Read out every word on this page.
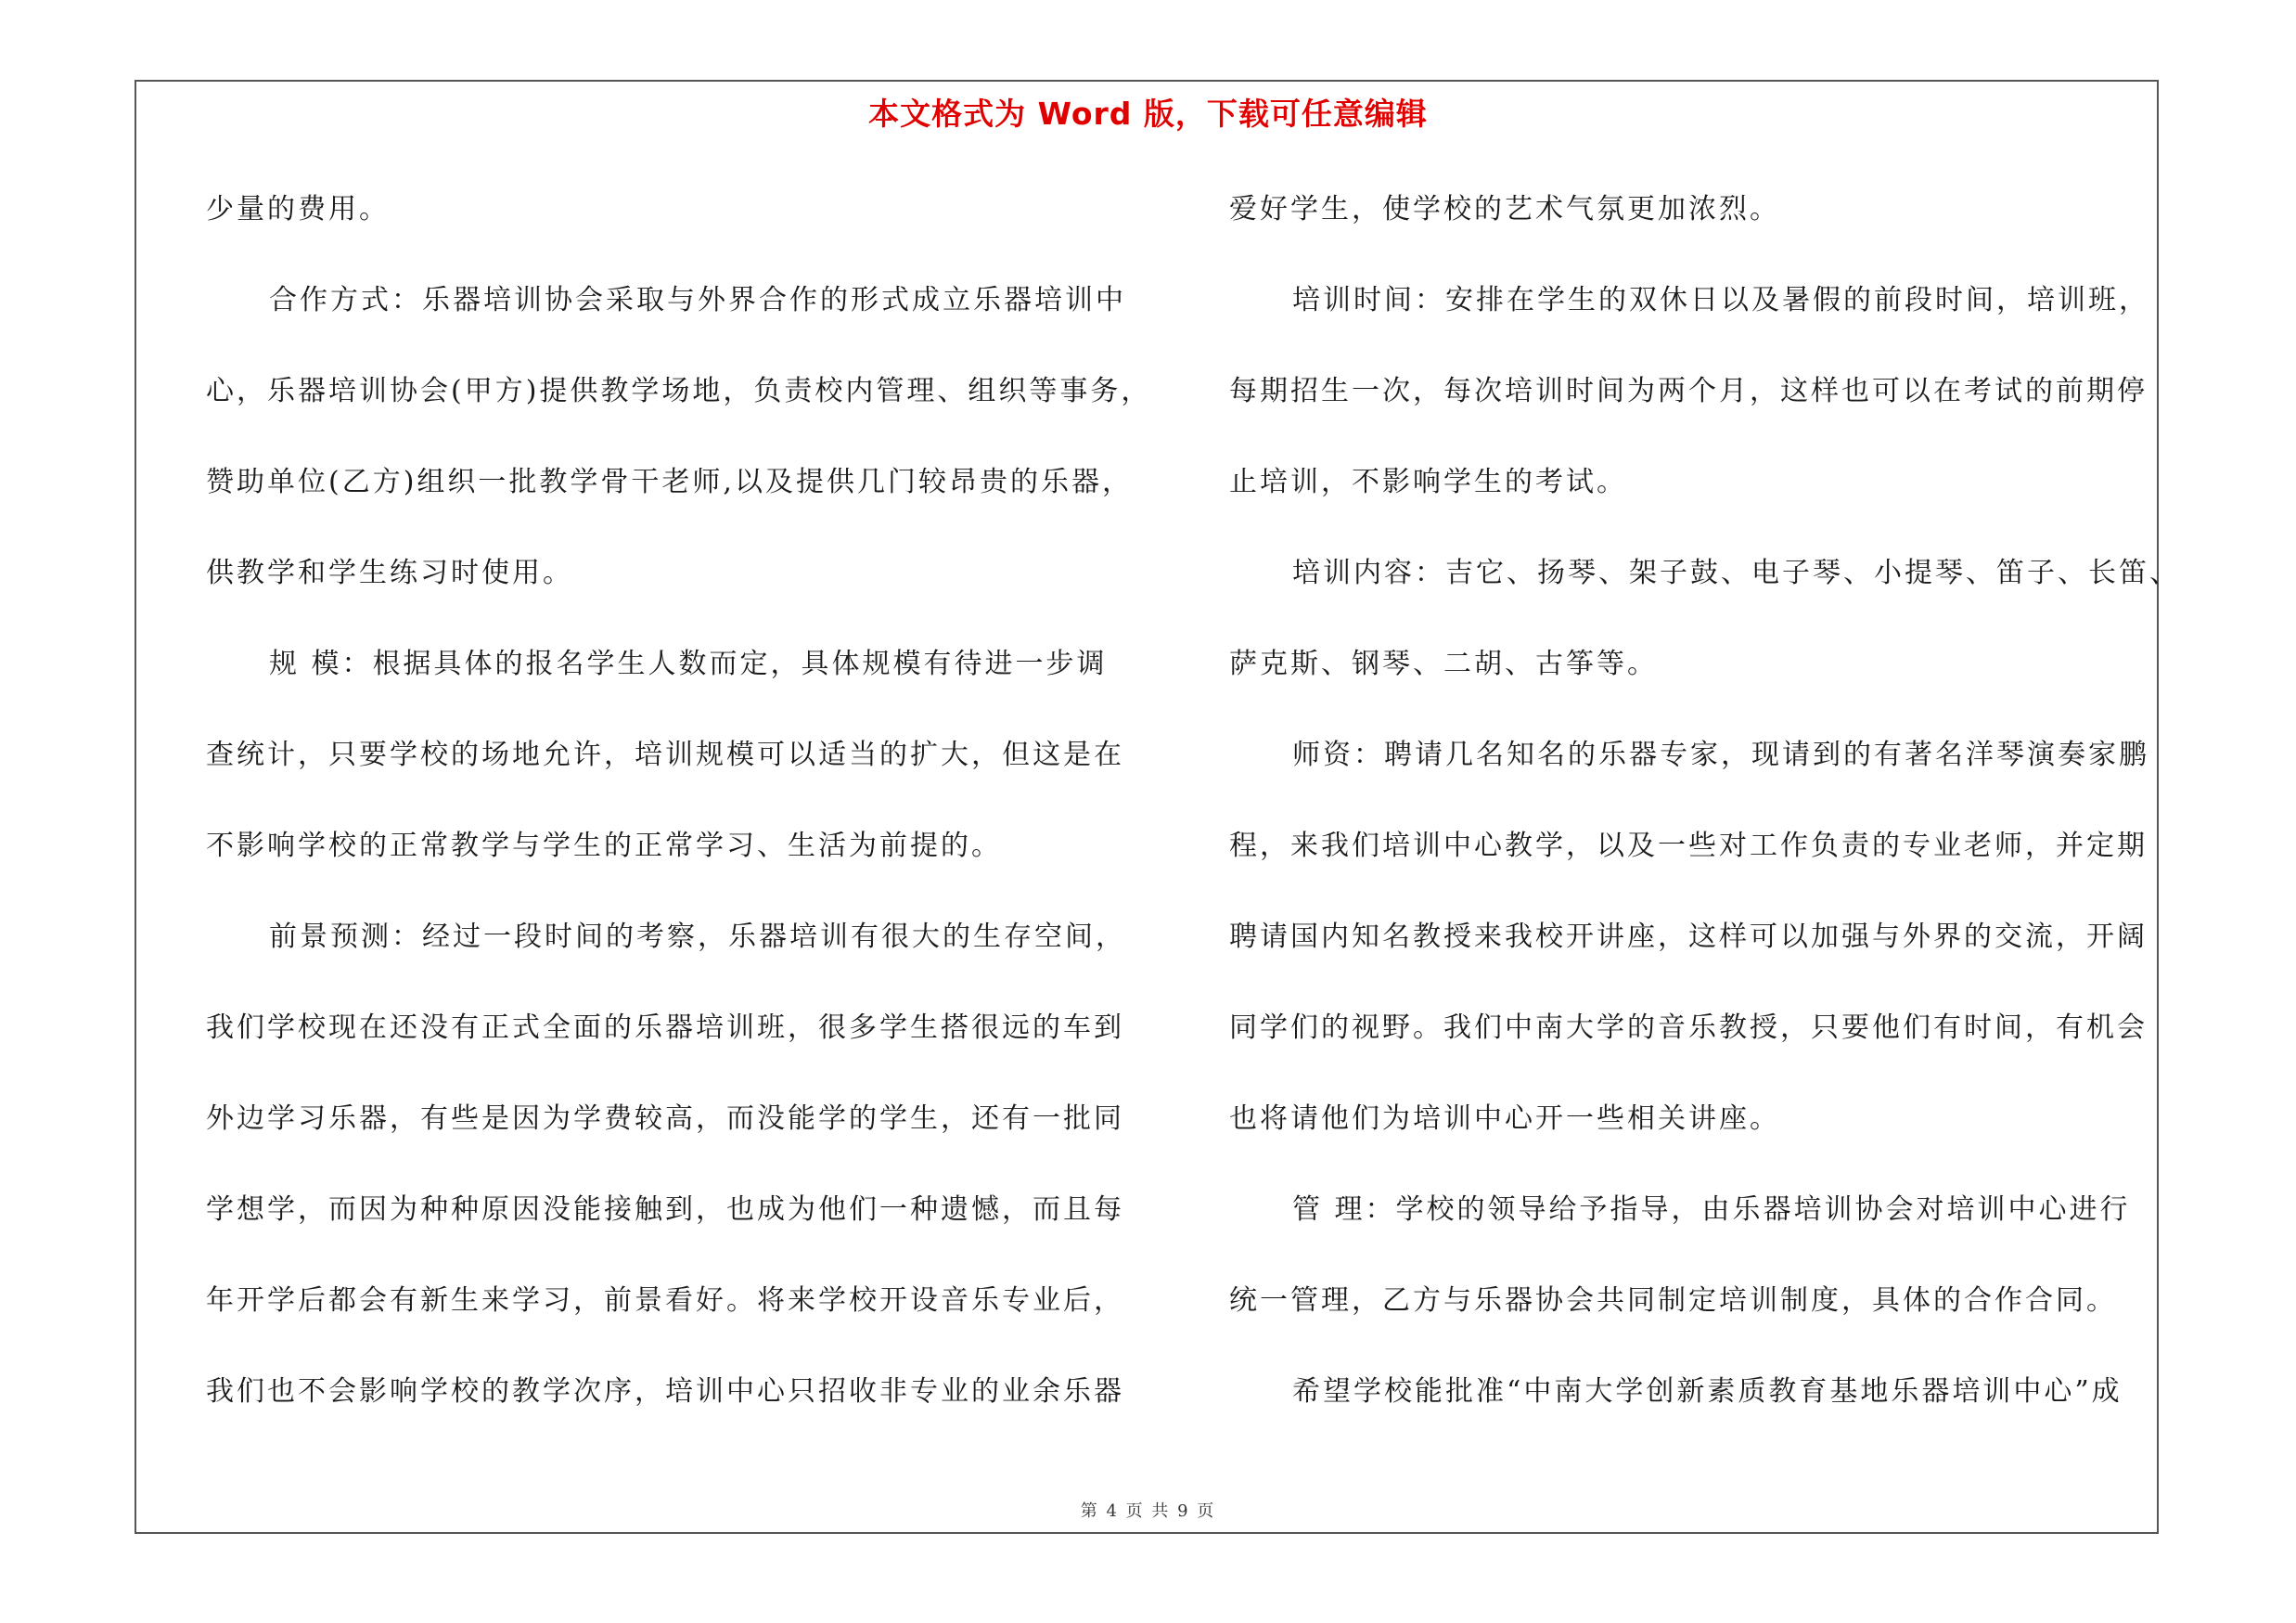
本文格式为 Word 版，下载可任意编辑
少量的费用。
合作方式：乐器培训协会采取与外界合作的形式成立乐器培训中
心，乐器培训协会(甲方)提供教学场地，负责校内管理、组织等事务，
赞助单位(乙方)组织一批教学骨干老师,以及提供几门较昂贵的乐器，
供教学和学生练习时使用。
规 模：根据具体的报名学生人数而定，具体规模有待进一步调
查统计，只要学校的场地允许，培训规模可以适当的扩大，但这是在
不影响学校的正常教学与学生的正常学习、生活为前提的。
前景预测：经过一段时间的考察，乐器培训有很大的生存空间，
我们学校现在还没有正式全面的乐器培训班，很多学生搭很远的车到
外边学习乐器，有些是因为学费较高，而没能学的学生，还有一批同
学想学，而因为种种原因没能接触到，也成为他们一种遗憾，而且每
年开学后都会有新生来学习，前景看好。将来学校开设音乐专业后，
我们也不会影响学校的教学次序，培训中心只招收非专业的业余乐器
爱好学生，使学校的艺术气氛更加浓烈。
培训时间：安排在学生的双休日以及暑假的前段时间，培训班，
每期招生一次，每次培训时间为两个月，这样也可以在考试的前期停
止培训，不影响学生的考试。
培训内容：吉它、扬琴、架子鼓、电子琴、小提琴、笛子、长笛、
萨克斯、钢琴、二胡、古筝等。
师资：聘请几名知名的乐器专家，现请到的有著名洋琴演奏家鹏
程，来我们培训中心教学，以及一些对工作负责的专业老师，并定期
聘请国内知名教授来我校开讲座，这样可以加强与外界的交流，开阔
同学们的视野。我们中南大学的音乐教授，只要他们有时间，有机会
也将请他们为培训中心开一些相关讲座。
管 理：学校的领导给予指导，由乐器培训协会对培训中心进行
统一管理，乙方与乐器协会共同制定培训制度，具体的合作合同。
希望学校能批准“中南大学创新素质教育基地乐器培训中心”成
第 4 页 共 9 页
